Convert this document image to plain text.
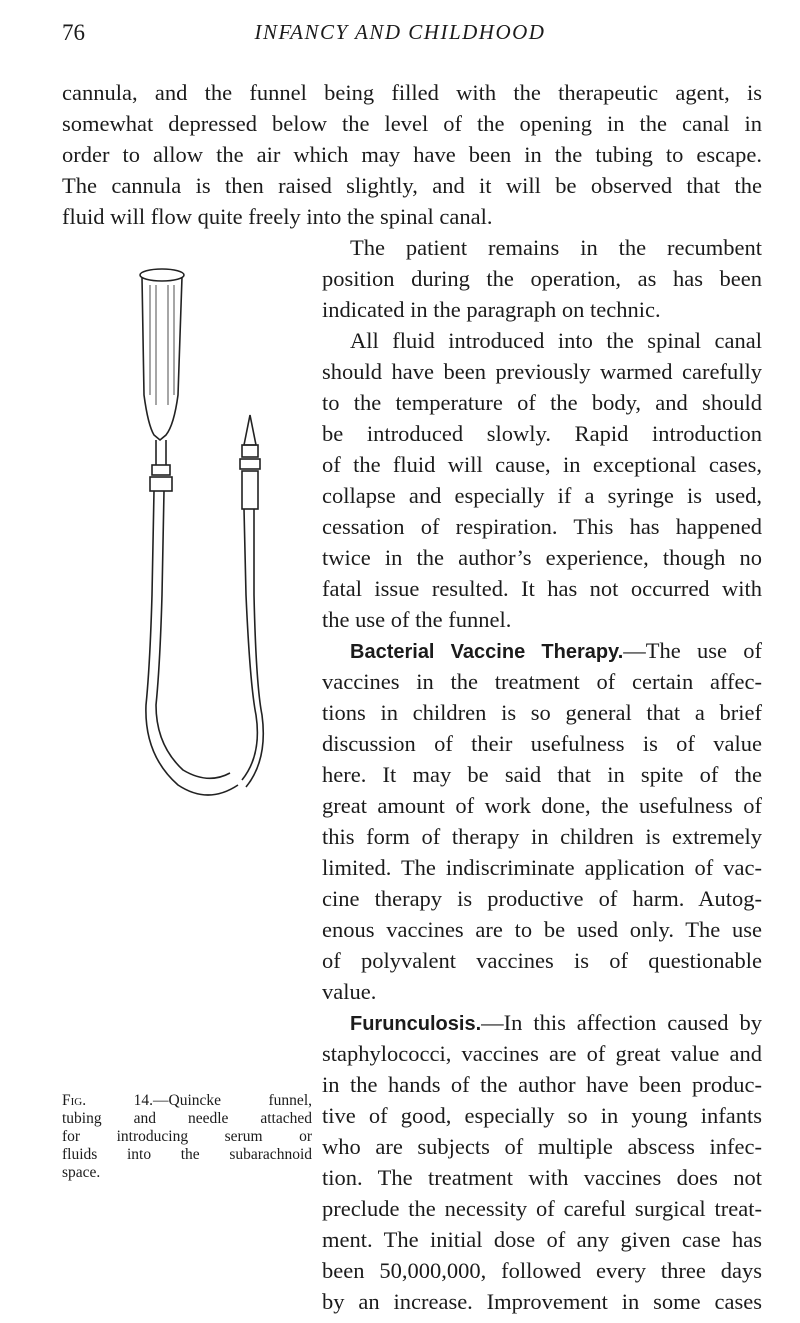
76	INFANCY AND CHILDHOOD
cannula, and the funnel being filled with the therapeutic agent, is
somewhat depressed below the level of the opening in the canal in
order to allow the air which may have been in the tubing to escape.
The cannula is then raised slightly, and it will be observed that the
fluid will flow quite freely into the spinal canal.
The patient remains in the recumbent
position during the operation, as has been
indicated in the paragraph on technic.
All fluid introduced into the spinal canal
should have been previously warmed carefully
to the temperature of the body, and should
be introduced slowly. Rapid introduction
of the fluid will cause, in exceptional cases,
collapse and especially if a syringe is used,
cessation of respiration. This has happened
twice in the author’s experience, though no
fatal issue resulted. It has not occurred with
the use of the funnel.
Bacterial Vaccine Therapy.—The use of
vaccines in the treatment of certain affec-
tions in children is so general that a brief
discussion of their usefulness is of value
here. It may be said that in spite of the
great amount of work done, the usefulness of
this form of therapy in children is extremely
limited. The indiscriminate application of vac-
cine therapy is productive of harm. Autog-
enous vaccines are to be used only. The use
of polyvalent vaccines is of questionable
value.
Furunculosis.—In this affection caused by
staphylococci, vaccines are of great value and
in the hands of the author have been produc-
tive of good, especially so in young infants
who are subjects of multiple abscess infec-
tion. The treatment with vaccines does not
preclude the necessity of careful surgical treat-
ment. The initial dose of any given case has
been 50,000,000, followed every three days
by an increase. Improvement in some cases
Fig. 14.—Quincke funnel,
tubing and needle attached
for introducing serum or
fluids into the subarachnoid
space.
